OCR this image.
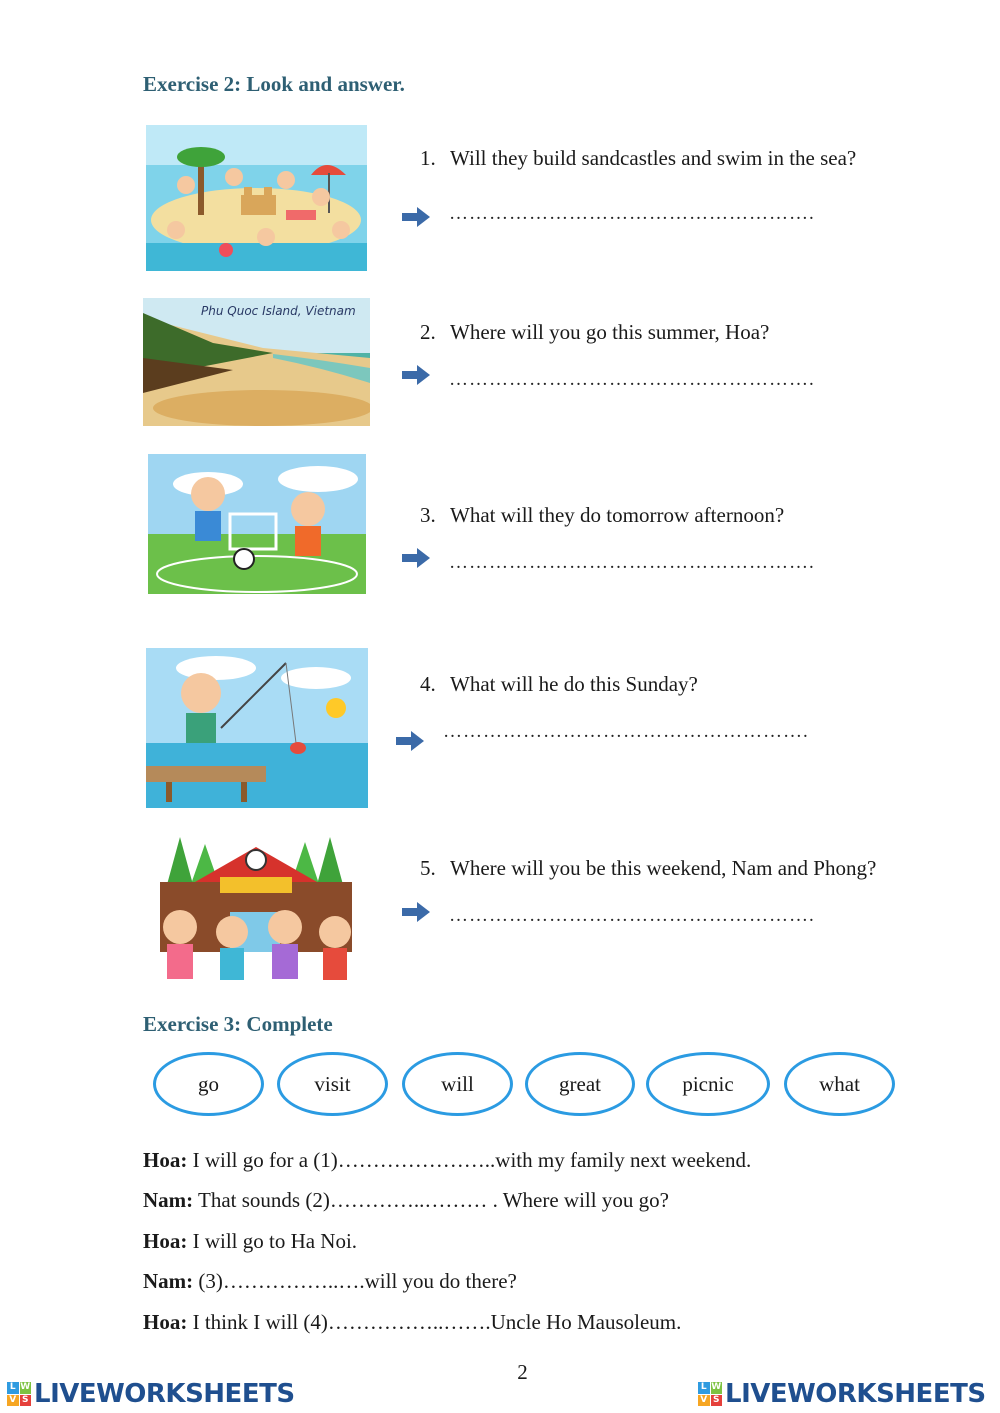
Exercise 2: Look and answer.
Phu Quoc Island, Vietnam
1. Will they build sandcastles and swim in the sea?
2. Where will you go this summer, Hoa?
3. What will they do tomorrow afternoon?
4. What will he do this Sunday?
5. Where will you be this weekend, Nam and Phong?
……………………………………………….
……………………………………………….
……………………………………………….
……………………………………………….
……………………………………………….
Exercise 3: Complete
go	visit	will	great	picnic	what
Hoa: I will go for a (1)…………………..with my family next weekend.
Nam: That sounds (2)…………..……… . Where will you go?
Hoa: I will go to Ha Noi.
Nam: (3)……………..….will you do there?
Hoa: I think I will (4)……………..…….Uncle Ho Mausoleum.
2
L W
V S LIVEWORKSHEETS	L W
V S LIVEWORKSHEETS
